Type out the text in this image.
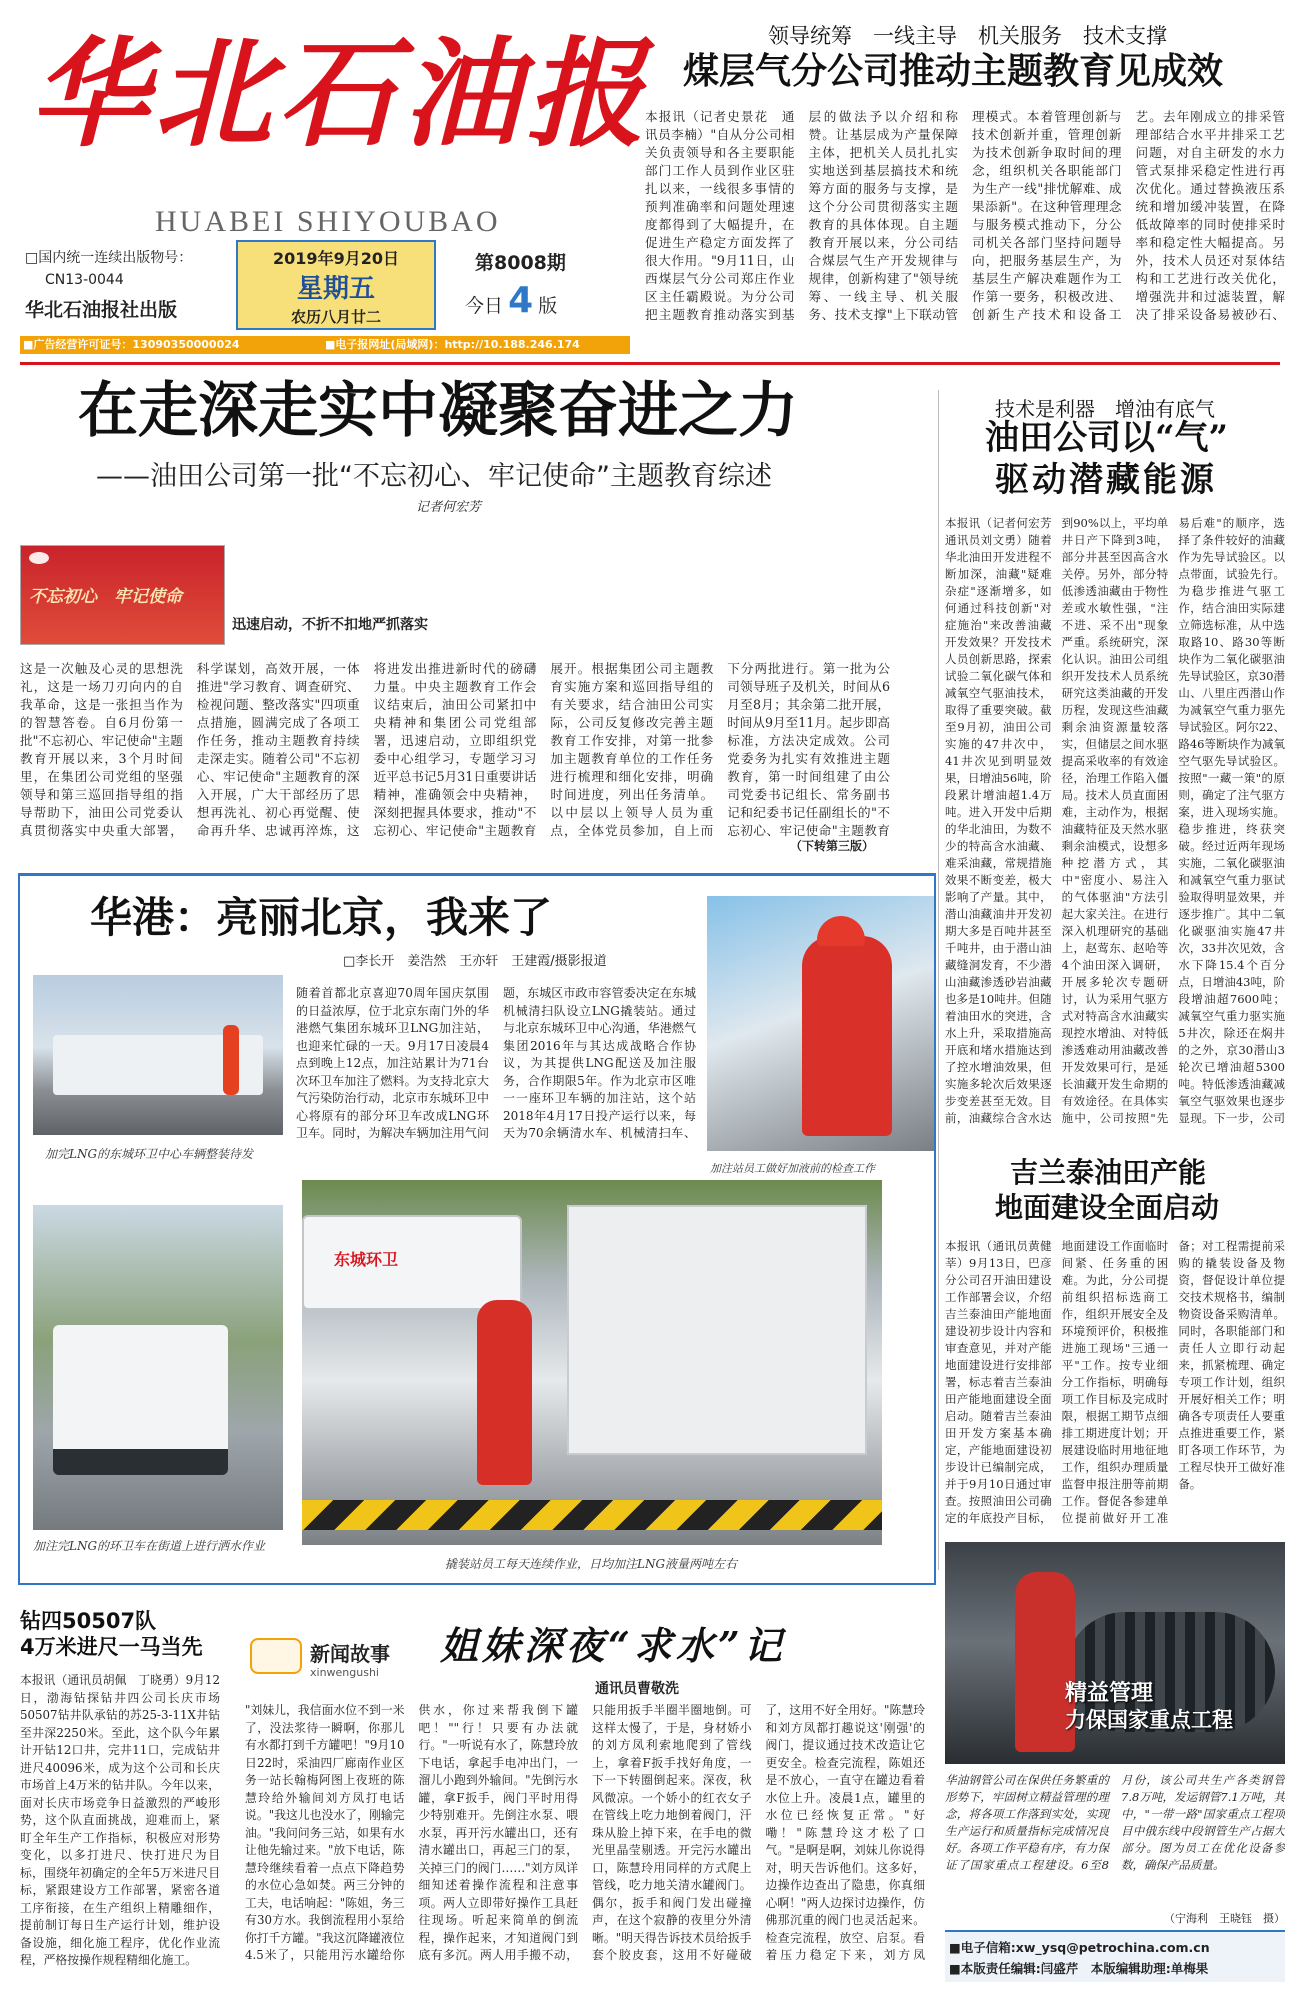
华北石油报
HUABEI SHIYOUBAO
□国内统一连续出版物号：
CN13-0044
华北石油报社出版
2019年9月20日
星期五
农历八月廿二
第8008期
今日 4 版
■广告经营许可证号：13090350000024	■电子报网址(局域网)：http://10.188.246.174
领导统筹　一线主导　机关服务　技术支撑
煤层气分公司推动主题教育见成效
本报讯（记者史景花　通讯员李楠）"自从分公司相关负责领导和各主要职能部门工作人员到作业区驻扎以来，一线很多事情的预判准确率和问题处理速度都得到了大幅提升，在促进生产稳定方面发挥了很大作用。"9月11日，山西煤层气分公司郑庄作业区主任霸殿说。为分公司把主题教育推动落实到基层的做法予以介绍和称赞。让基层成为产量保障主体，把机关人员扎扎实实地送到基层搞技术和统筹方面的服务与支撑，是这个分公司贯彻落实主题教育的具体体现。自主题教育开展以来，分公司结合煤层气生产开发规律与规律，创新构建了"领导统筹、一线主导、机关服务、技术支撑"上下联动管理模式。本着管理创新与技术创新并重，管理创新为技术创新争取时间的理念，组织机关各职能部门为生产一线"排忧解难、成果添新"。在这种管理理念与服务模式推动下，分公司机关各部门坚持问题导向，把服务基层生产，为基层生产解决难题作为工作第一要务，积极改进、创新生产技术和设备工艺。去年刚成立的排采管理部结合水平井排采工艺问题，对自主研发的水力管式泵排采稳定性进行再次优化。通过替换液压系统和增加缓冲装置，在降低故障率的同时使排采时率和稳定性大幅提高。另外，技术人员还对泵体结构和工艺进行改关优化，增强洗井和过滤装置，解决了排采设备易被砂石、
在走深走实中凝聚奋进之力
——油田公司第一批“不忘初心、牢记使命”主题教育综述
记者何宏芳
不忘初心　牢记使命
迅速启动，不折不扣地严抓落实
这是一次触及心灵的思想洗礼，这是一场刀刃向内的自我革命，这是一张担当作为的智慧答卷。自6月份第一批"不忘初心、牢记使命"主题教育开展以来，3个月时间里，在集团公司党组的坚强领导和第三巡回指导组的指导帮助下，油田公司党委认真贯彻落实中央重大部署，科学谋划，高效开展，一体推进"学习教育、调查研究、检视问题、整改落实"四项重点措施，圆满完成了各项工作任务，推动主题教育持续走深走实。随着公司"不忘初心、牢记使命"主题教育的深入开展，广大干部经历了思想再洗礼、初心再觉醒、使命再升华、忠诚再淬炼，这将进发出推进新时代的磅礴力量。中央主题教育工作会议结束后，油田公司紧扣中央精神和集团公司党组部署，迅速启动，立即组织党委中心组学习，专题学习习近平总书记5月31日重要讲话精神，准确领会中央精神，深刻把握具体要求，推动"不忘初心、牢记使命"主题教育展开。根据集团公司主题教育实施方案和巡回指导组的有关要求，结合油田公司实际，公司反复修改完善主题教育工作安排，对第一批参加主题教育单位的工作任务进行梳理和细化安排，明确时间进度，列出任务清单。以中层以上领导人员为重点，全体党员参加，自上而下分两批进行。第一批为公司领导班子及机关，时间从6月至8月；其余第二批开展，时间从9月至11月。起步即高标准，方法决定成效。公司党委务为扎实有效推进主题教育，第一时间组建了由公司党委书记组长、常务副书记和纪委书记任副组长的"不忘初心、牢记使命"主题教育
（下转第三版）
技术是利器　增油有底气
油田公司以“气”
驱动潜藏能源
本报讯（记者何宏芳　通讯员刘文勇）随着华北油田开发进程不断加深，油藏"疑难杂症"逐渐增多，如何通过科技创新"对症施治"来改善油藏开发效果？开发技术人员创新思路，探索试验二氧化碳气体和减氧空气驱油技术，取得了重要突破。截至9月初，油田公司实施的47井次中，41井次见到明显效果，日增油56吨，阶段累计增油超1.4万吨。进入开发中后期的华北油田，为数不少的特高含水油藏、难采油藏，常规措施效果不断变差，极大影响了产量。其中，潜山油藏油井开发初期大多是百吨井甚至千吨井，由于潜山油藏缝洞发育，不少潜山油藏渗透砂岩油藏也多是10吨井。但随着油田水的突进，含水上升，采取措施高开底和堵水措施达到了控水增油效果，但实施多轮次后效果逐步变差甚至无效。目前，油藏综合含水达到90%以上，平均单井日产下降到3吨，部分井甚至因高含水关停。另外，部分特低渗透油藏由于物性差或水敏性强，"注不进、采不出"现象严重。系统研究，深化认识。油田公司组织开发技术人员系统研究这类油藏的开发历程，发现这些油藏剩余油资源量较落实，但储层之间水驱提高采收率的有效途径，治理工作陷入僵局。技术人员直面困难，主动作为，根据油藏特征及天然水驱剩余油模式，设想多种挖潜方式，其中"密度小、易注入的气体驱油"方法引起大家关注。在进行深入机理研究的基础上，赵莺东、赵哈等4个油田深入调研，开展多轮次专题研讨，认为采用气驱方式对特高含水油藏实现控水增油、对特低渗透难动用油藏改善开发效果可行，是延长油藏开发生命期的有效途径。在具体实施中，公司按照"先易后难"的顺序，选择了条件较好的油藏作为先导试验区。以点带面，试验先行。为稳步推进气驱工作，结合油田实际建立筛选标准，从中选取路10、路30等断块作为二氧化碳驱油先导试验区，京30潜山、八里庄西潜山作为减氧空气重力驱先导试验区。阿尔22、路46等断块作为减氧空气驱先导试验区。按照"一藏一策"的原则，确定了注气驱方案，进入现场实施。稳步推进，终获突破。经过近两年现场实施，二氧化碳驱油和减氧空气重力驱试验取得明显效果，并逐步推广。其中二氧化碳驱油实施47井次，33井次见效，含水下降15.4个百分点，日增油43吨，阶段增油超7600吨；减氧空气重力驱实施5井次，除还在焖井的之外，京30潜山3轮次已增油超5300吨。特低渗透油藏减氧空气驱效果也逐步显现。下一步，公司
华港：亮丽北京，我来了
□李长开　姜浩然　王亦轩　王建霞/摄影报道
加完LNG的东城环卫中心车辆整装待发
随着首都北京喜迎70周年国庆氛围的日益浓厚，位于北京东南门外的华港燃气集团东城环卫LNG加注站，也迎来忙碌的一天。9月17日凌晨4点到晚上12点，加注站累计为71台次环卫车加注了燃料。为支持北京大气污染防治行动，北京市东城环卫中心将原有的部分环卫车改成LNG环卫车。同时，为解决车辆加注用气问题，东城区市政市容管委决定在东城机械清扫队设立LNG撬装站。通过与北京东城环卫中心沟通，华港燃气集团2016年与其达成战略合作协议，为其提供LNG配送及加注服务，合作期限5年。作为北京市区唯一一座环卫车辆的加注站，这个站2018年4月17日投产运行以来，每天为70余辆清水车、机械清扫车、
加注站员工做好加液前的检查工作
加注完LNG的环卫车在街道上进行洒水作业
东城环卫
撬装站员工每天连续作业，日均加注LNG液量两吨左右
吉兰泰油田产能
地面建设全面启动
本报讯（通讯员黄健莘）9月13日，巴彦分公司召开油田建设工作部署会议，介绍吉兰泰油田产能地面建设初步设计内容和审查意见，并对产能地面建设进行安排部署，标志着吉兰泰油田产能地面建设全面启动。随着吉兰泰油田开发方案基本确定，产能地面建设初步设计已编制完成，并于9月10日通过审查。按照油田公司确定的年底投产目标，地面建设工作面临时间紧、任务重的困难。为此，分公司提前组织招标选商工作，组织开展安全及环境预评价，积极推进施工现场"三通一平"工作。按专业细分工作指标，明确每项工作目标及完成时限，根据工期节点细排工期进度计划；开展建设临时用地征地工作，组织办理质量监督申报注册等前期工作。督促各参建单位提前做好开工准备；对工程需提前采购的撬装设备及物资，督促设计单位提交技术规格书，编制物资设备采购清单。同时，各职能部门和责任人立即行动起来，抓紧梳理、确定专项工作计划，组织开展好相关工作；明确各专项责任人要重点推进重要工作，紧盯各项工作环节，为工程尽快开工做好准备。
钻四50507队
4万米进尺一马当先
本报讯（通讯员胡佩　丁晓勇）9月12日，渤海钻探钻井四公司长庆市场50507钻井队承钻的苏25-3-11X井钻至井深2250米。至此，这个队今年累计开钻12口井，完井11口，完成钻井进尺40096米，成为这个公司和长庆市场首上4万米的钻井队。今年以来，面对长庆市场竞争日益激烈的严峻形势，这个队直面挑战，迎难而上，紧盯全年生产工作指标，积极应对形势变化，以多打进尺、快打进尺为目标，围绕年初确定的全年5万米进尺目标，紧跟建设方工作部署，紧密各道工序衔接，在生产组织上精雕细作，提前制订每日生产运行计划，维护设备设施，细化施工程序，优化作业流程，严格按操作规程精细化施工。
新闻故事
xinwengushi
姐妹深夜“求水”记
通讯员曹敬洗
"刘妹儿，我信面水位不到一米了，没法浆待一瞬啊，你那儿有水都打到千方罐吧！"9月10日22时，采油四厂廊南作业区务一站长翰梅阿图上夜班的陈慧玲给外输间刘方凤打电话说。"我这儿也没水了，刚输完油。"我问问务三站，如果有水让他先输过来。"放下电话，陈慧玲继续看着一点点下降趋势的水位心急如焚。两三分钟的工夫，电话响起："陈姐，务三有30方水。我倒流程用小泵给你打千方罐。"我这沉降罐液位4.5米了，只能用污水罐给你供水，你过来帮我倒下罐吧！""行！只要有办法就行。"一听说有水了，陈慧玲放下电话，拿起手电冲出门，一溜儿小跑到外输间。"先倒污水罐，拿F扳手，阀门平时用得少特别难开。先倒注水泵、喂水泵，再开污水罐出口，还有清水罐出口，再起三门的泵，关掉三门的阀门……"刘方凤详细知述着操作流程和注意事项。两人立即带好操作工具赶往现场。听起来简单的倒流程，操作起来，才知道阀门到底有多沉。两人用手搬不动，只能用扳手半圈半圈地倒。可这样太慢了，于是，身材娇小的刘方凤利索地爬到了管线上，拿着F扳手找好角度，一下一下转圈倒起来。深夜，秋风微凉。一个娇小的红衣女子在管线上吃力地倒着阀门，汗珠从脸上掉下来，在手电的微光里晶莹剔透。开完污水罐出口，陈慧玲用同样的方式爬上管线，吃力地关清水罐阀门。偶尔，扳手和阀门发出碰撞声，在这个寂静的夜里分外清晰。"明天得告诉技术员给扳手套个胶皮套，这用不好碰破了，这用不好全用好。"陈慧玲和刘方凤都打趣说这'刚强'的阀门，提议通过技术改造让它更安全。检查完流程，陈姐还是不放心，一直守在罐边看着水位上升。凌晨1点，罐里的水位已经恢复正常。"好嘞！"陈慧玲这才松了口气。"是啊是啊，刘妹儿你说得对，明天告诉他们。这多好，边操作边查出了隐患，你真细心啊！"两人边探讨边操作，仿佛那沉重的阀门也灵活起来。检查完流程，放空、启泵。看着压力稳定下来，刘方凤
精益管理
力保国家重点工程
华油钢管公司在保供任务繁重的形势下，牢固树立精益管理的理念，将各项工作落到实处，实现生产运行和质量指标完成情况良好。各项工作平稳有序，有力保证了国家重点工程建设。6至8月份，该公司共生产各类钢管7.8万吨，发运钢管7.1万吨，其中，"一带一路"国家重点工程项目中俄东线中段钢管生产占据大部分。图为员工在优化设备参数，确保产品质量。
（宁海利　王晓钰　摄）
■电子信箱:xw_ysq@petrochina.com.cn
■本版责任编辑:闫盛芹　本版编辑助理:单梅果
